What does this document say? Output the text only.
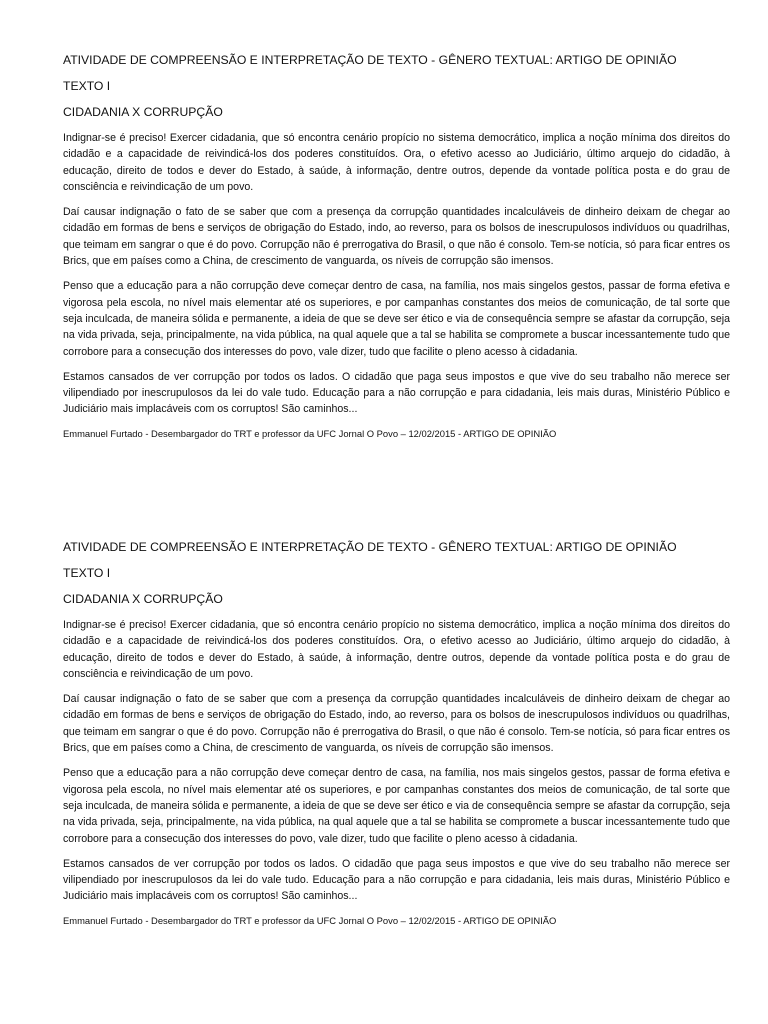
ATIVIDADE DE COMPREENSÃO E INTERPRETAÇÃO DE TEXTO - GÊNERO TEXTUAL: ARTIGO DE OPINIÃO

TEXTO I

CIDADANIA X CORRUPÇÃO

Indignar-se é preciso! Exercer cidadania, que só encontra cenário propício no sistema democrático, implica a noção mínima dos direitos do cidadão e a capacidade de reivindicá-los dos poderes constituídos. Ora, o efetivo acesso ao Judiciário, último arquejo do cidadão, à educação, direito de todos e dever do Estado, à saúde, à informação, dentre outros, depende da vontade política posta e do grau de consciência e reivindicação de um povo.

Daí causar indignação o fato de se saber que com a presença da corrupção quantidades incalculáveis de dinheiro deixam de chegar ao cidadão em formas de bens e serviços de obrigação do Estado, indo, ao reverso, para os bolsos de inescrupulosos indivíduos ou quadrilhas, que teimam em sangrar o que é do povo. Corrupção não é prerrogativa do Brasil, o que não é consolo. Tem-se notícia, só para ficar entres os Brics, que em países como a China, de crescimento de vanguarda, os níveis de corrupção são imensos.

Penso que a educação para a não corrupção deve começar dentro de casa, na família, nos mais singelos gestos, passar de forma efetiva e vigorosa pela escola, no nível mais elementar até os superiores, e por campanhas constantes dos meios de comunicação, de tal sorte que seja inculcada, de maneira sólida e permanente, a ideia de que se deve ser ético e via de consequência sempre se afastar da corrupção, seja na vida privada, seja, principalmente, na vida pública, na qual aquele que a tal se habilita se compromete a buscar incessantemente tudo que corrobore para a consecução dos interesses do povo, vale dizer, tudo que facilite o pleno acesso à cidadania.

Estamos cansados de ver corrupção por todos os lados. O cidadão que paga seus impostos e que vive do seu trabalho não merece ser vilipendiado por inescrupulosos da lei do vale tudo. Educação para a não corrupção e para cidadania, leis mais duras, Ministério Público e Judiciário mais implacáveis com os corruptos! São caminhos...

Emmanuel Furtado - Desembargador do TRT e professor da UFC Jornal O Povo – 12/02/2015 - ARTIGO DE OPINIÃO

ATIVIDADE DE COMPREENSÃO E INTERPRETAÇÃO DE TEXTO - GÊNERO TEXTUAL: ARTIGO DE OPINIÃO

TEXTO I

CIDADANIA X CORRUPÇÃO

Indignar-se é preciso! Exercer cidadania, que só encontra cenário propício no sistema democrático, implica a noção mínima dos direitos do cidadão e a capacidade de reivindicá-los dos poderes constituídos. Ora, o efetivo acesso ao Judiciário, último arquejo do cidadão, à educação, direito de todos e dever do Estado, à saúde, à informação, dentre outros, depende da vontade política posta e do grau de consciência e reivindicação de um povo.

Daí causar indignação o fato de se saber que com a presença da corrupção quantidades incalculáveis de dinheiro deixam de chegar ao cidadão em formas de bens e serviços de obrigação do Estado, indo, ao reverso, para os bolsos de inescrupulosos indivíduos ou quadrilhas, que teimam em sangrar o que é do povo. Corrupção não é prerrogativa do Brasil, o que não é consolo. Tem-se notícia, só para ficar entres os Brics, que em países como a China, de crescimento de vanguarda, os níveis de corrupção são imensos.

Penso que a educação para a não corrupção deve começar dentro de casa, na família, nos mais singelos gestos, passar de forma efetiva e vigorosa pela escola, no nível mais elementar até os superiores, e por campanhas constantes dos meios de comunicação, de tal sorte que seja inculcada, de maneira sólida e permanente, a ideia de que se deve ser ético e via de consequência sempre se afastar da corrupção, seja na vida privada, seja, principalmente, na vida pública, na qual aquele que a tal se habilita se compromete a buscar incessantemente tudo que corrobore para a consecução dos interesses do povo, vale dizer, tudo que facilite o pleno acesso à cidadania.

Estamos cansados de ver corrupção por todos os lados. O cidadão que paga seus impostos e que vive do seu trabalho não merece ser vilipendiado por inescrupulosos da lei do vale tudo. Educação para a não corrupção e para cidadania, leis mais duras, Ministério Público e Judiciário mais implacáveis com os corruptos! São caminhos...

Emmanuel Furtado - Desembargador do TRT e professor da UFC Jornal O Povo – 12/02/2015 - ARTIGO DE OPINIÃO
